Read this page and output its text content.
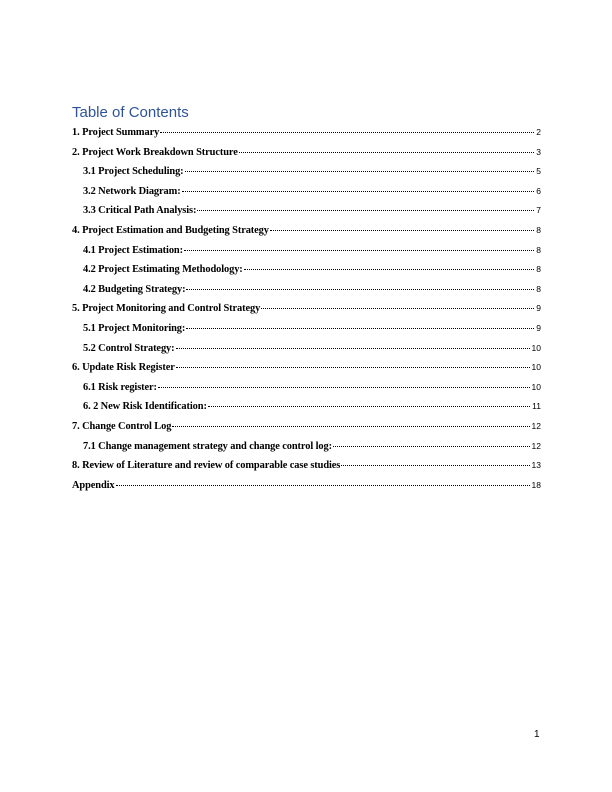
Table of Contents
1. Project Summary	2
2. Project Work Breakdown Structure	3
3.1 Project Scheduling:	5
3.2 Network Diagram:	6
3.3 Critical Path Analysis:	7
4. Project Estimation and Budgeting Strategy	8
4.1 Project Estimation:	8
4.2 Project Estimating Methodology:	8
4.2 Budgeting Strategy:	8
5. Project Monitoring and Control Strategy	9
5.1 Project Monitoring:	9
5.2 Control Strategy:	10
6. Update Risk Register	10
6.1 Risk register:	10
6. 2 New Risk Identification:	11
7. Change Control Log	12
7.1 Change management strategy and change control log:	12
8. Review of Literature and review of comparable case studies	13
Appendix	18
1
